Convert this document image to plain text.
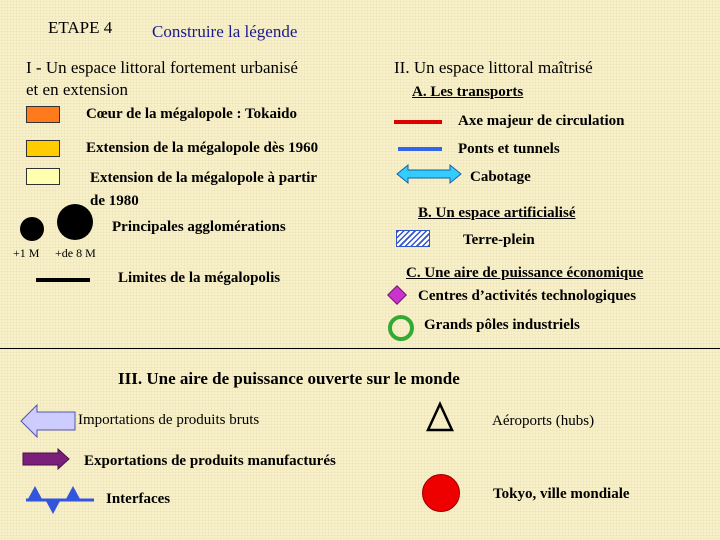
ETAPE 4 Construire la légende
I - Un espace littoral fortement urbanisé
et en extension
Cœur de la mégalopole : Tokaido
Extension de la mégalopole dès 1960
Extension de la mégalopole à partir
de 1980
Principales agglomérations
+1 M +de 8 M
Limites de la mégalopolis
II. Un espace littoral maîtrisé
A. Les transports
Axe majeur de circulation
Ponts et tunnels
Cabotage
B. Un espace artificialisé
Terre-plein
C. Une aire de puissance économique
Centres d’activités technologiques
Grands pôles industriels
III. Une aire de puissance ouverte sur le monde
Importations de produits bruts
Exportations de produits manufacturés
Interfaces
Aéroports (hubs)
Tokyo, ville mondiale
